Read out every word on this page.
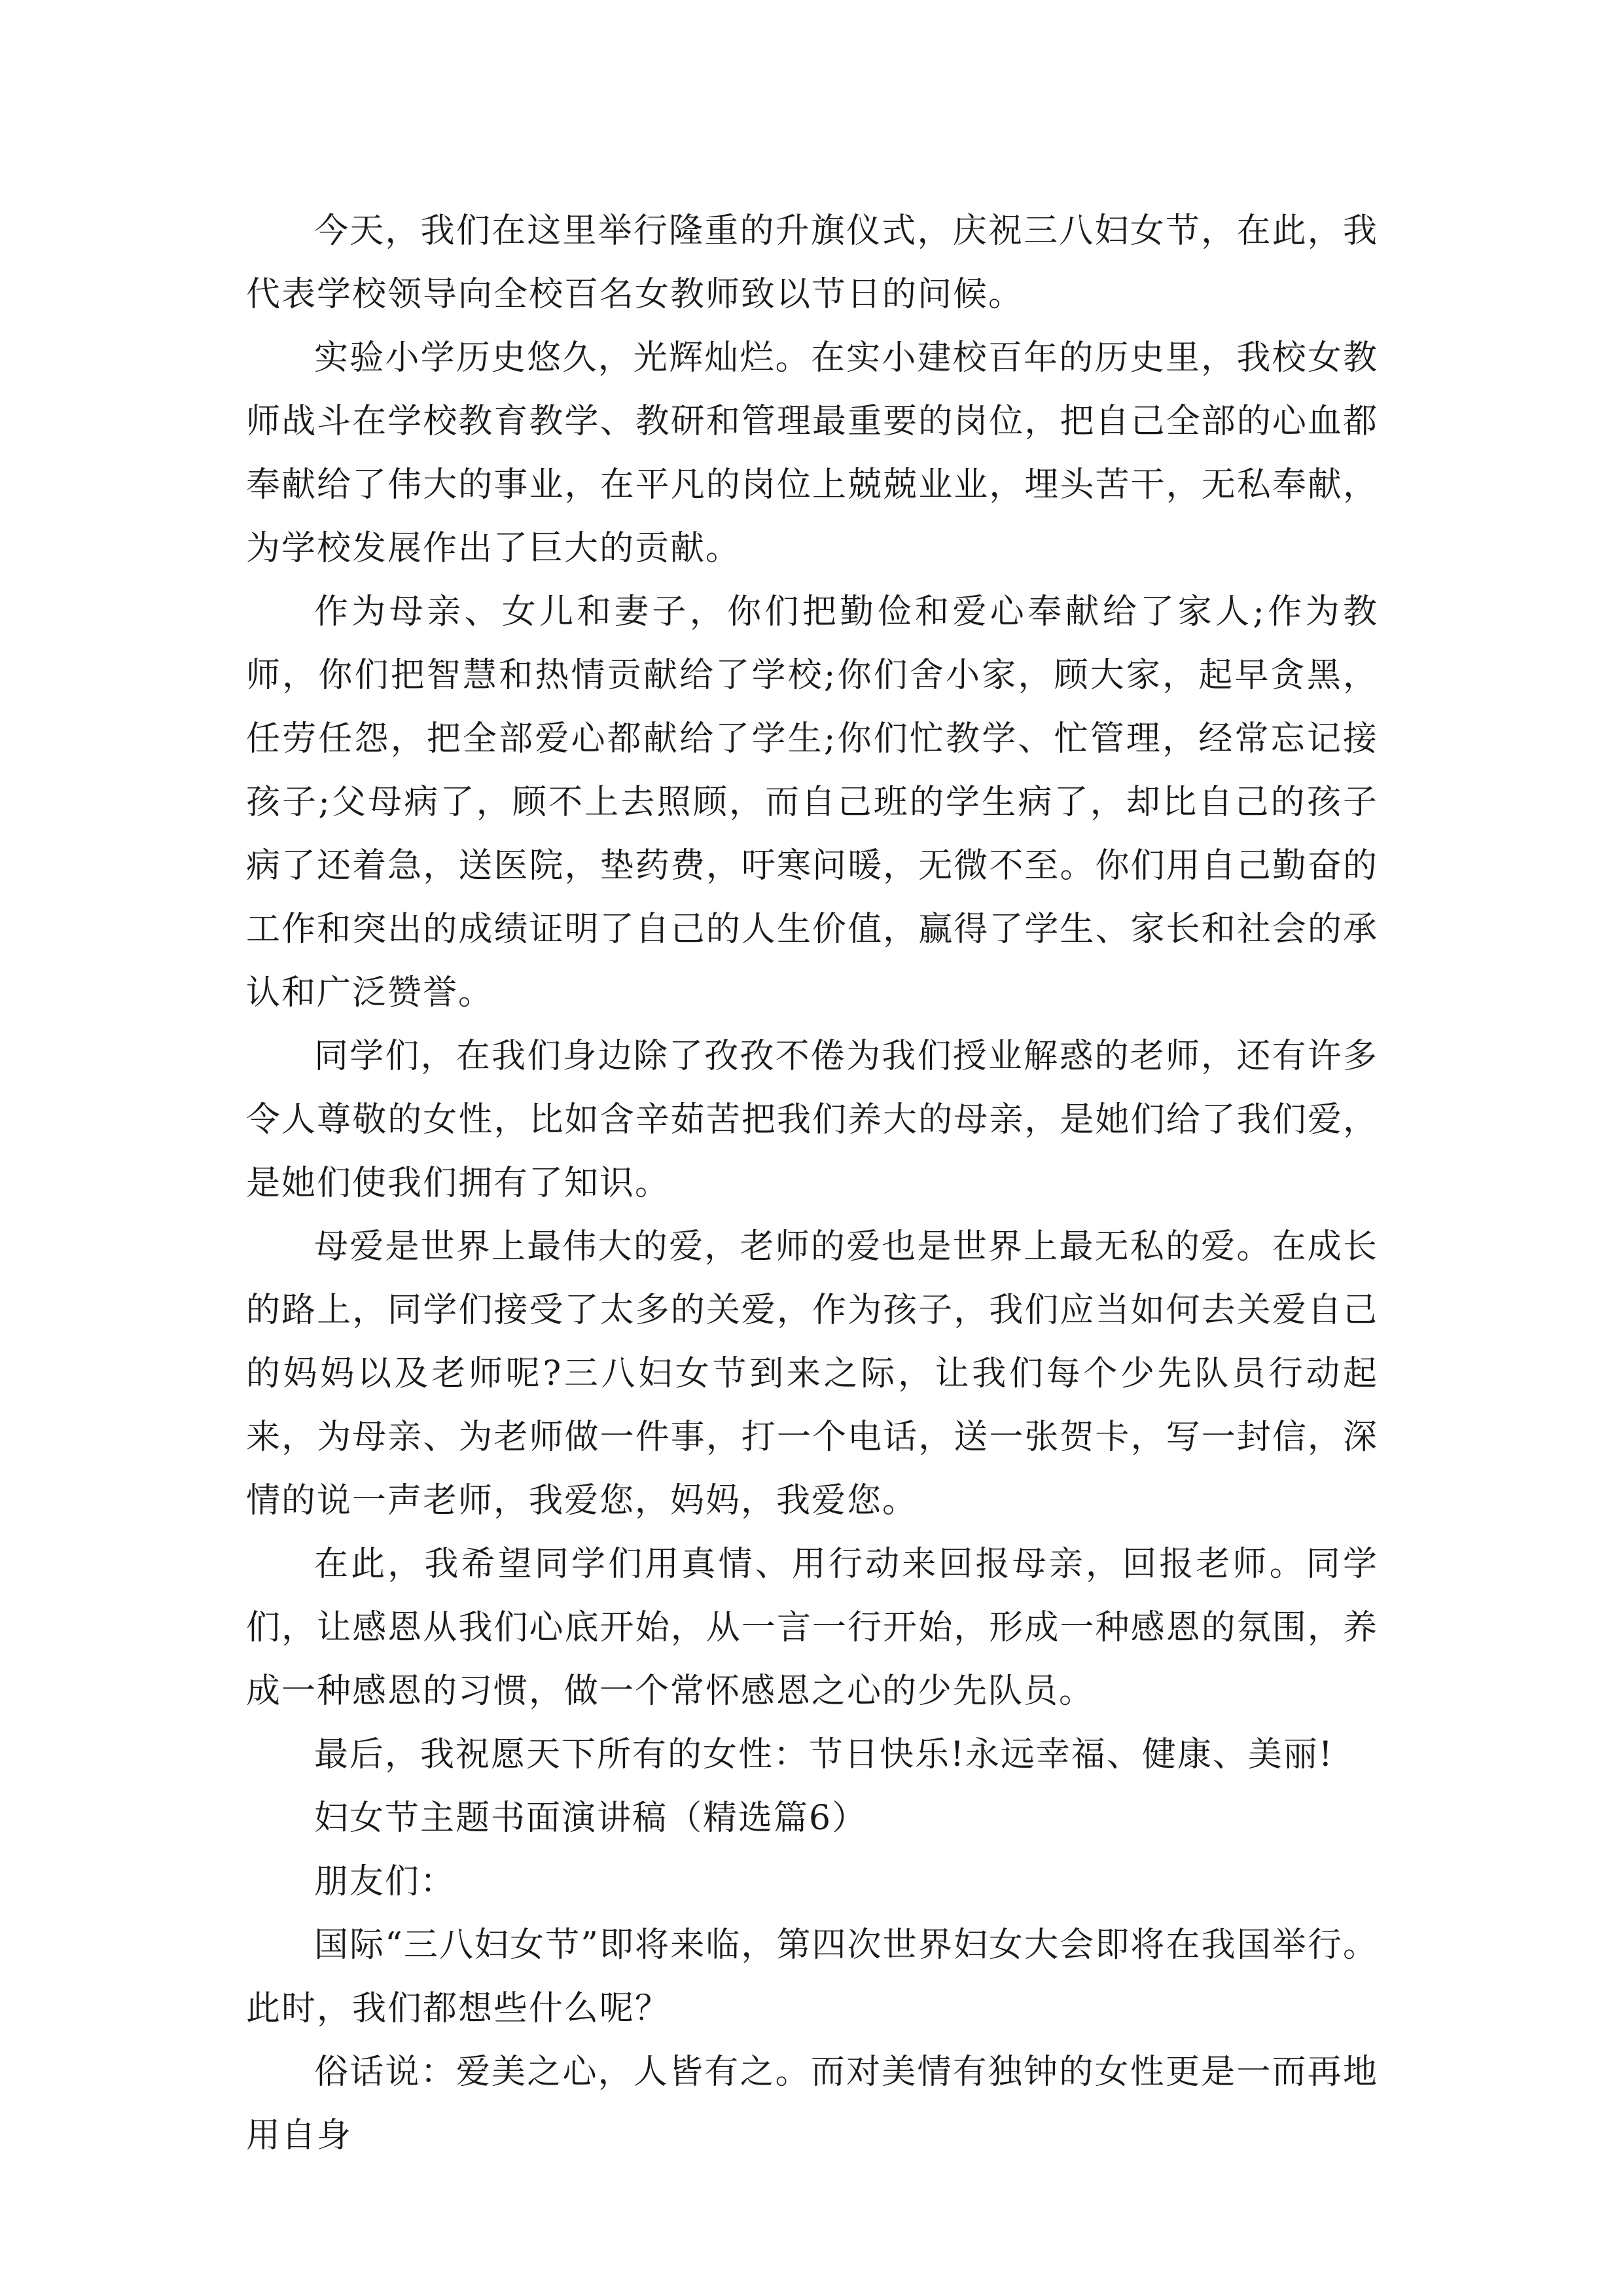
今天，我们在这里举行隆重的升旗仪式，庆祝三八妇女节，在此，我代表学校领导向全校百名女教师致以节日的问候。

实验小学历史悠久，光辉灿烂。在实小建校百年的历史里，我校女教师战斗在学校教育教学、教研和管理最重要的岗位，把自己全部的心血都奉献给了伟大的事业，在平凡的岗位上兢兢业业，埋头苦干，无私奉献，为学校发展作出了巨大的贡献。

作为母亲、女儿和妻子，你们把勤俭和爱心奉献给了家人;作为教师，你们把智慧和热情贡献给了学校;你们舍小家，顾大家，起早贪黑，任劳任怨，把全部爱心都献给了学生;你们忙教学、忙管理，经常忘记接孩子;父母病了，顾不上去照顾，而自己班的学生病了，却比自己的孩子病了还着急，送医院，垫药费，吁寒问暖，无微不至。你们用自己勤奋的工作和突出的成绩证明了自己的人生价值，赢得了学生、家长和社会的承认和广泛赞誉。

同学们，在我们身边除了孜孜不倦为我们授业解惑的老师，还有许多令人尊敬的女性，比如含辛茹苦把我们养大的母亲，是她们给了我们爱，是她们使我们拥有了知识。

母爱是世界上最伟大的爱，老师的爱也是世界上最无私的爱。在成长的路上，同学们接受了太多的关爱，作为孩子，我们应当如何去关爱自己的妈妈以及老师呢?三八妇女节到来之际，让我们每个少先队员行动起来，为母亲、为老师做一件事，打一个电话，送一张贺卡，写一封信，深情的说一声老师，我爱您，妈妈，我爱您。

在此，我希望同学们用真情、用行动来回报母亲，回报老师。同学们，让感恩从我们心底开始，从一言一行开始，形成一种感恩的氛围，养成一种感恩的习惯，做一个常怀感恩之心的少先队员。

最后，我祝愿天下所有的女性：节日快乐!永远幸福、健康、美丽!

妇女节主题书面演讲稿（精选篇6）

朋友们：

国际“三八妇女节”即将来临，第四次世界妇女大会即将在我国举行。此时，我们都想些什么呢？

俗话说：爱美之心，人皆有之。而对美情有独钟的女性更是一而再地用自身
